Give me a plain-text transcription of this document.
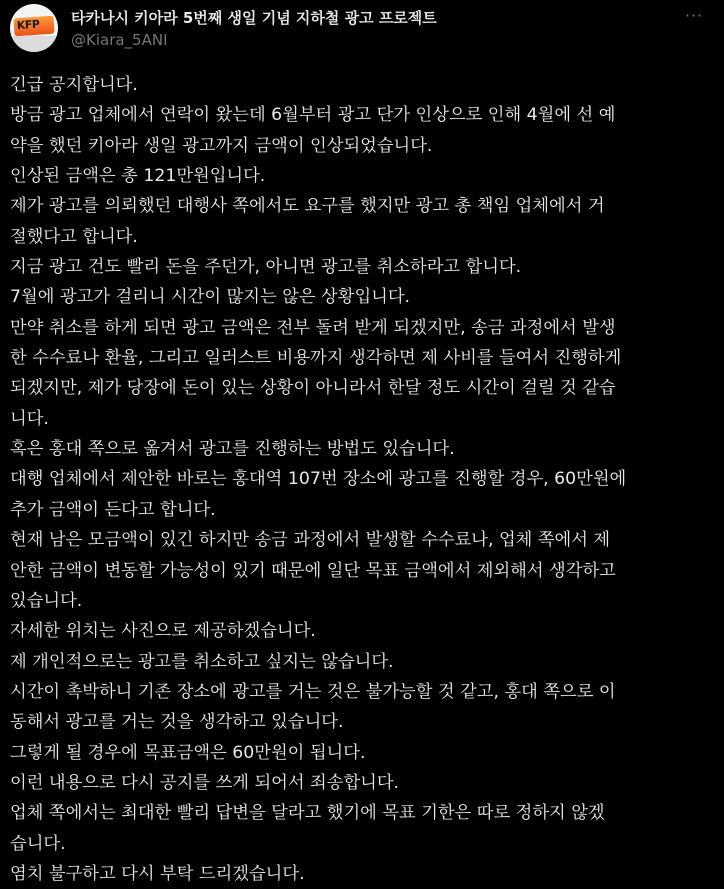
KFP 타카나시 키아라 5번째 생일 기념 지하철 광고 프로젝트
@Kiara_5ANI
···
긴급 공지합니다.
방금 광고 업체에서 연락이 왔는데 6월부터 광고 단가 인상으로 인해 4월에 선 예
약을 했던 키아라 생일 광고까지 금액이 인상되었습니다.
인상된 금액은 총 121만원입니다.
제가 광고를 의뢰했던 대행사 쪽에서도 요구를 했지만 광고 총 책임 업체에서 거
절했다고 합니다.
지금 광고 건도 빨리 돈을 주던가, 아니면 광고를 취소하라고 합니다.
7월에 광고가 걸리니 시간이 많지는 않은 상황입니다.
만약 취소를 하게 되면 광고 금액은 전부 돌려 받게 되겠지만, 송금 과정에서 발생
한 수수료나 환율, 그리고 일러스트 비용까지 생각하면 제 사비를 들여서 진행하게
되겠지만, 제가 당장에 돈이 있는 상황이 아니라서 한달 정도 시간이 걸릴 것 같습
니다.
혹은 홍대 쪽으로 옮겨서 광고를 진행하는 방법도 있습니다.
대행 업체에서 제안한 바로는 홍대역 107번 장소에 광고를 진행할 경우, 60만원에
추가 금액이 든다고 합니다.
현재 남은 모금액이 있긴 하지만 송금 과정에서 발생할 수수료나, 업체 쪽에서 제
안한 금액이 변동할 가능성이 있기 때문에 일단 목표 금액에서 제외해서 생각하고
있습니다.
자세한 위치는 사진으로 제공하겠습니다.
제 개인적으로는 광고를 취소하고 싶지는 않습니다.
시간이 촉박하니 기존 장소에 광고를 거는 것은 불가능할 것 같고, 홍대 쪽으로 이
동해서 광고를 거는 것을 생각하고 있습니다.
그렇게 될 경우에 목표금액은 60만원이 됩니다.
이런 내용으로 다시 공지를 쓰게 되어서 죄송합니다.
업체 쪽에서는 최대한 빨리 답변을 달라고 했기에 목표 기한은 따로 정하지 않겠
습니다.
염치 불구하고 다시 부탁 드리겠습니다.
